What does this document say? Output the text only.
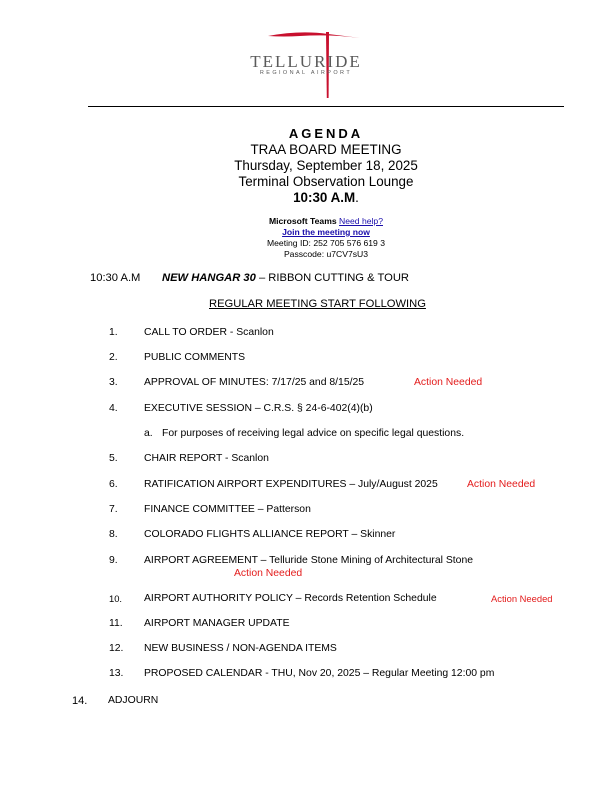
TELLURIDE
REGIONAL AIRPORT
AGENDA
TRAA BOARD MEETING
Thursday, September 18, 2025
Terminal Observation Lounge
10:30 A.M.
Microsoft Teams Need help?
Join the meeting now
Meeting ID: 252 705 576 619 3
Passcode: u7CV7sU3
10:30 A.M NEW HANGAR 30 – RIBBON CUTTING & TOUR
REGULAR MEETING START FOLLOWING
1.	CALL TO ORDER - Scanlon
2.	PUBLIC COMMENTS
3.	APPROVAL OF MINUTES: 7/17/25 and 8/15/25	Action Needed
4.	EXECUTIVE SESSION – C.R.S. § 24-6-402(4)(b)
a. For purposes of receiving legal advice on specific legal questions.
5.	CHAIR REPORT - Scanlon
6.	RATIFICATION AIRPORT EXPENDITURES – July/August 2025	Action Needed
7.	FINANCE COMMITTEE – Patterson
8.	COLORADO FLIGHTS ALLIANCE REPORT – Skinner
9.	AIRPORT AGREEMENT – Telluride Stone Mining of Architectural Stone
Action Needed
10. AIRPORT AUTHORITY POLICY – Records Retention Schedule	Action Needed
11. AIRPORT MANAGER UPDATE
12. NEW BUSINESS / NON-AGENDA ITEMS
13. PROPOSED CALENDAR - THU, Nov 20, 2025 – Regular Meeting 12:00 pm
14. ADJOURN
